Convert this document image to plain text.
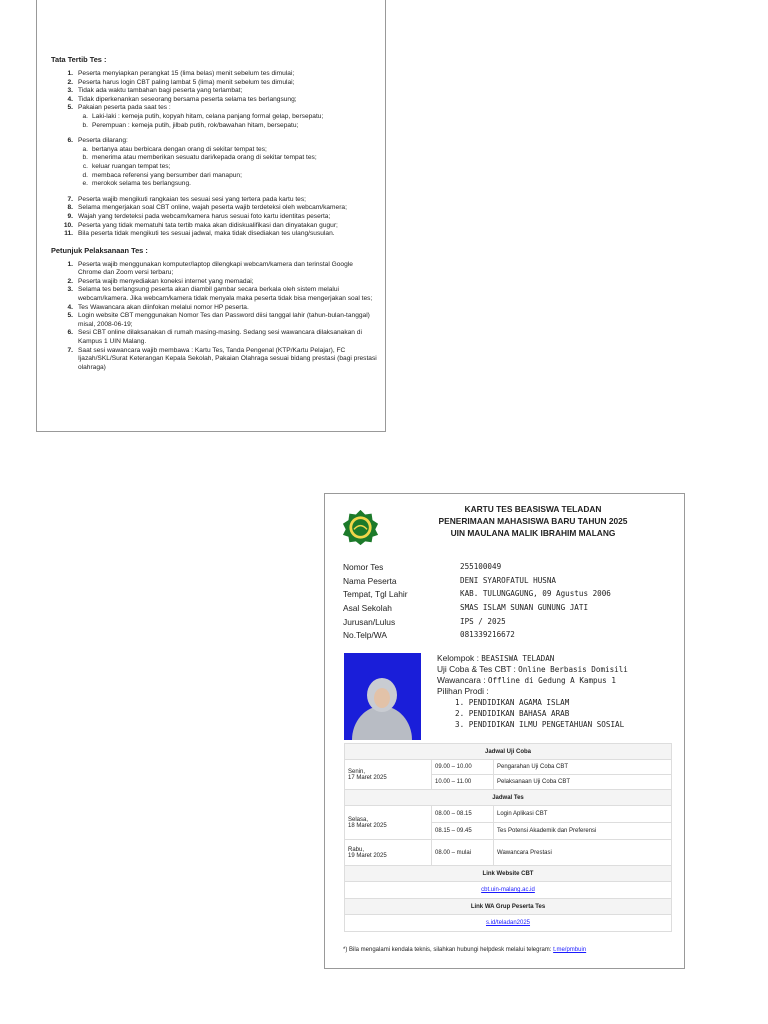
Tata Tertib Tes :
1. Peserta menyiapkan perangkat 15 (lima belas) menit sebelum tes dimulai;
2. Peserta harus login CBT paling lambat 5 (lima) menit sebelum tes dimulai;
3. Tidak ada waktu tambahan bagi peserta yang terlambat;
4. Tidak diperkenankan seseorang bersama peserta selama tes berlangsung;
5. Pakaian peserta pada saat tes :
a. Laki-laki : kemeja putih, kopyah hitam, celana panjang formal gelap, bersepatu;
b. Perempuan : kemeja putih, jilbab putih, rok/bawahan hitam, bersepatu;
6. Peserta dilarang:
a. bertanya atau berbicara dengan orang di sekitar tempat tes;
b. menerima atau memberikan sesuatu dari/kepada orang di sekitar tempat tes;
c. keluar ruangan tempat tes;
d. membaca referensi yang bersumber dari manapun;
e. merokok selama tes berlangsung.
7. Peserta wajib mengikuti rangkaian tes sesuai sesi yang tertera pada kartu tes;
8. Selama mengerjakan soal CBT online, wajah peserta wajib terdeteksi oleh webcam/kamera;
9. Wajah yang terdeteksi pada webcam/kamera harus sesuai foto kartu identitas peserta;
10. Peserta yang tidak mematuhi tata tertib maka akan didiskualifikasi dan dinyatakan gugur;
11. Bila peserta tidak mengikuti tes sesuai jadwal, maka tidak disediakan tes ulang/susulan.
Petunjuk Pelaksanaan Tes :
1. Peserta wajib menggunakan komputer/laptop dilengkapi webcam/kamera dan terinstal Google Chrome dan Zoom versi terbaru;
2. Peserta wajib menyediakan koneksi internet yang memadai;
3. Selama tes berlangsung peserta akan diambil gambar secara berkala oleh sistem melalui webcam/kamera. Jika webcam/kamera tidak menyala maka peserta tidak bisa mengerjakan soal tes;
4. Tes Wawancara akan diinfokan melalui nomor HP peserta.
5. Login website CBT menggunakan Nomor Tes dan Password diisi tanggal lahir (tahun-bulan-tanggal) misal, 2008-06-19;
6. Sesi CBT online dilaksanakan di rumah masing-masing. Sedang sesi wawancara dilaksanakan di Kampus 1 UIN Malang.
7. Saat sesi wawancara wajib membawa : Kartu Tes, Tanda Pengenal (KTP/Kartu Pelajar), FC Ijazah/SKL/Surat Keterangan Kepala Sekolah, Pakaian Olahraga sesuai bidang prestasi (bagi prestasi olahraga)
KARTU TES BEASISWA TELADAN
PENERIMAAN MAHASISWA BARU TAHUN 2025
UIN MAULANA MALIK IBRAHIM MALANG
Nomor Tes	255100049
Nama Peserta	DENI SYAROFATUL HUSNA
Tempat, Tgl Lahir	KAB. TULUNGAGUNG, 09 Agustus 2006
Asal Sekolah	SMAS ISLAM SUNAN GUNUNG JATI
Jurusan/Lulus	IPS / 2025
No.Telp/WA	081339216672
Kelompok : BEASISWA TELADAN
Uji Coba & Tes CBT : Online Berbasis Domisili
Wawancara : Offline di Gedung A Kampus 1
Pilihan Prodi :
1. PENDIDIKAN AGAMA ISLAM
2. PENDIDIKAN BAHASA ARAB
3. PENDIDIKAN ILMU PENGETAHUAN SOSIAL
Jadwal Uji Coba		
Senin,
17 Maret 2025	09.00 – 10.00	Pengarahan Uji Coba CBT
	10.00 – 11.00	Pelaksanaan Uji Coba CBT
Jadwal Tes		
Selasa,
18 Maret 2025	08.00 – 08.15	Login Aplikasi CBT
	08.15 – 09.45	Tes Potensi Akademik dan Preferensi
Rabu,
19 Maret 2025	08.00 – mulai	Wawancara Prestasi
Link Website CBT		
cbt.uin-malang.ac.id		
Link WA Grup Peserta Tes		
s.id/teladan2025		
*) Bila mengalami kendala teknis, silahkan hubungi helpdesk melalui telegram: t.me/pmbuin
